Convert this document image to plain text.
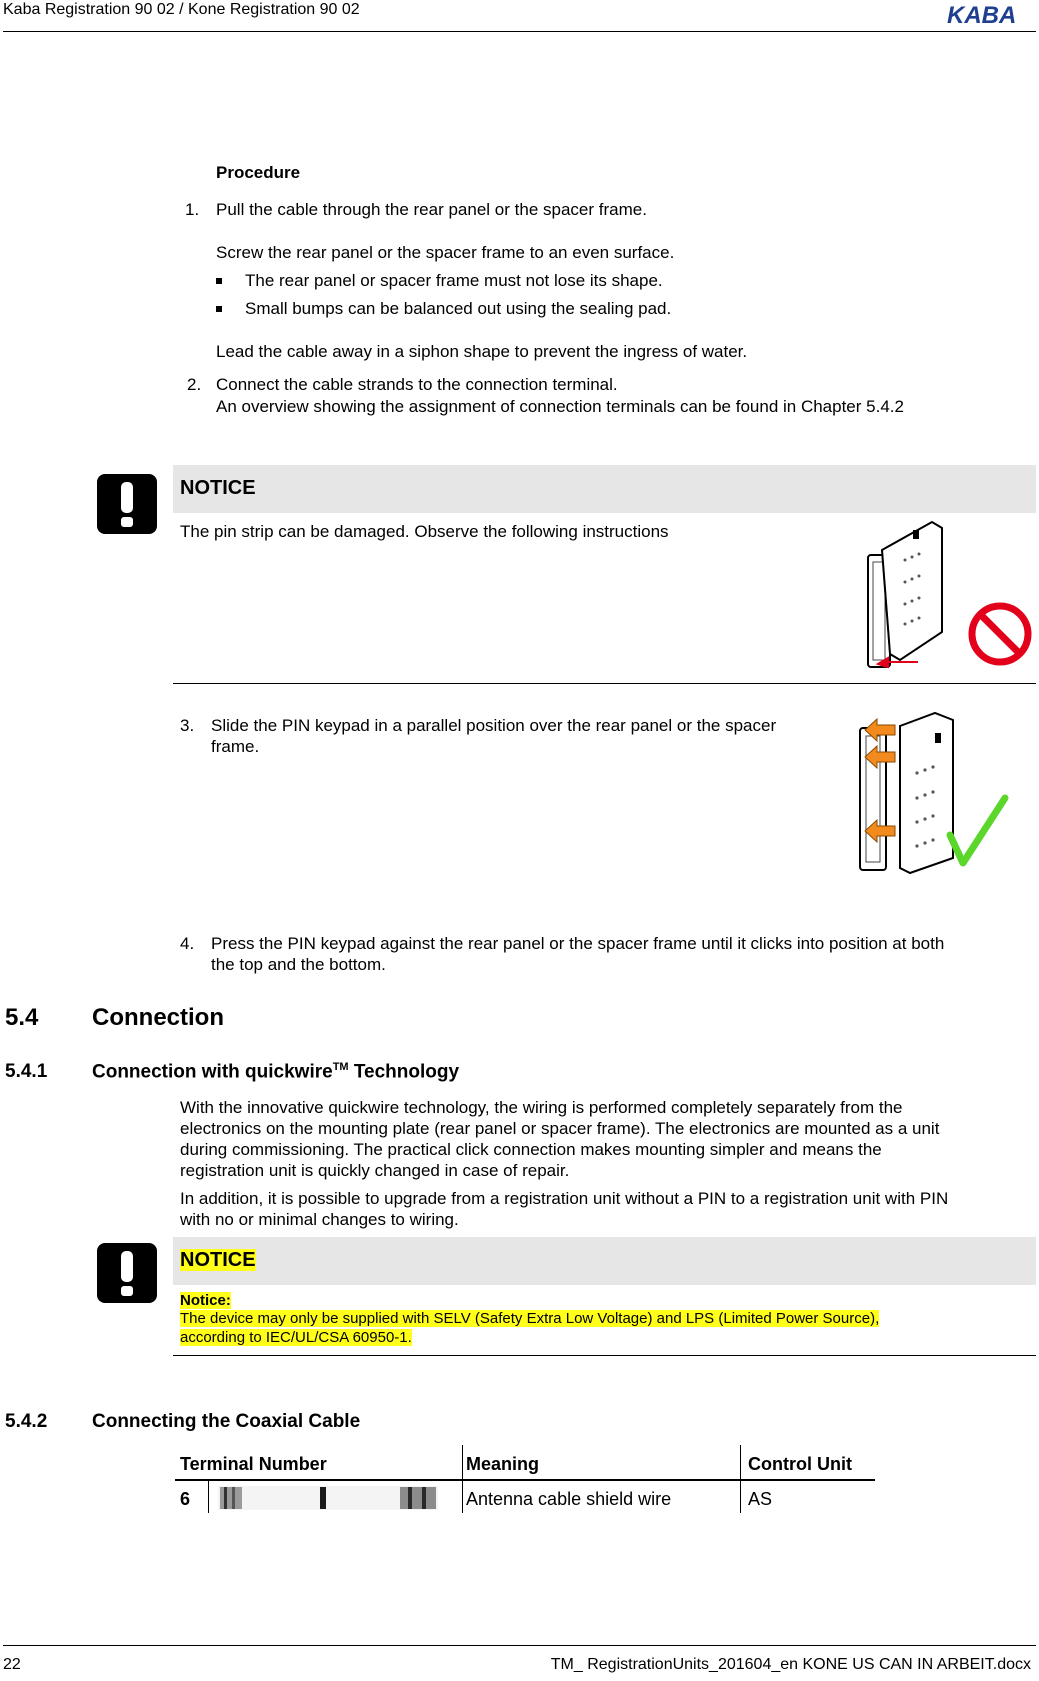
Kaba Registration 90 02 / Kone Registration 90 02	KABA
Procedure
1. Pull the cable through the rear panel or the spacer frame.
Screw the rear panel or the spacer frame to an even surface.
The rear panel or spacer frame must not lose its shape.
Small bumps can be balanced out using the sealing pad.
Lead the cable away in a siphon shape to prevent the ingress of water.
2. Connect the cable strands to the connection terminal.
An overview showing the assignment of connection terminals can be found in Chapter 5.4.2
NOTICE
The pin strip can be damaged. Observe the following instructions
3. Slide the PIN keypad in a parallel position over the rear panel or the spacer
frame.
4. Press the PIN keypad against the rear panel or the spacer frame until it clicks into position at both
the top and the bottom.
5.4 Connection
5.4.1 Connection with quickwire™ Technology
With the innovative quickwire technology, the wiring is performed completely separately from the
electronics on the mounting plate (rear panel or spacer frame). The electronics are mounted as a unit
during commissioning. The practical click connection makes mounting simpler and means the
registration unit is quickly changed in case of repair.
In addition, it is possible to upgrade from a registration unit without a PIN to a registration unit with PIN
with no or minimal changes to wiring.
NOTICE
Notice:
The device may only be supplied with SELV (Safety Extra Low Voltage) and LPS (Limited Power Source),
according to IEC/UL/CSA 60950-1.
5.4.2 Connecting the Coaxial Cable
Terminal Number	Meaning	Control Unit
6	Antenna cable shield wire	AS
22	TM_ RegistrationUnits_201604_en KONE US CAN IN ARBEIT.docx
